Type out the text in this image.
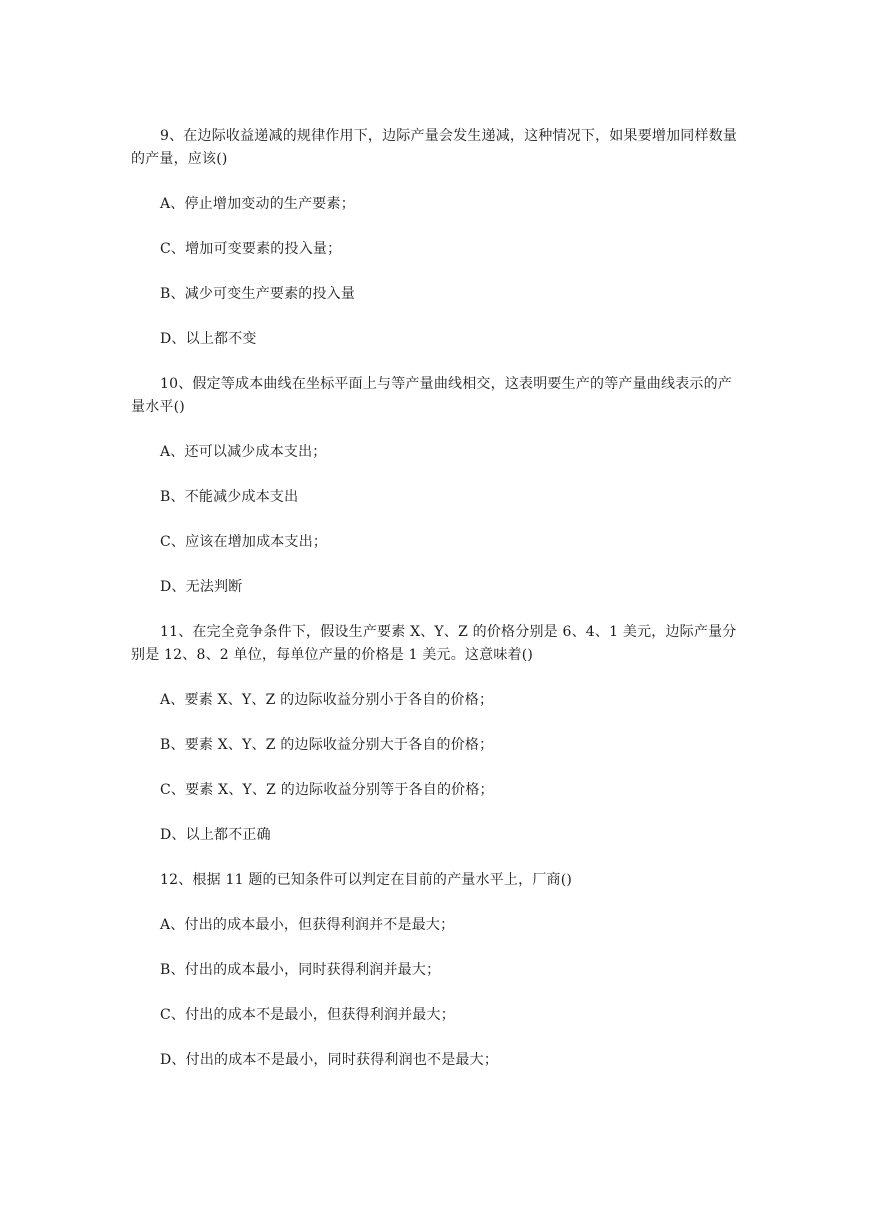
9、在边际收益递减的规律作用下，边际产量会发生递减，这种情况下，如果要增加同样数量的产量，应该()

A、停止增加变动的生产要素；

C、增加可变要素的投入量；

B、减少可变生产要素的投入量

D、以上都不变

10、假定等成本曲线在坐标平面上与等产量曲线相交，这表明要生产的等产量曲线表示的产量水平()

A、还可以减少成本支出；

B、不能减少成本支出

C、应该在增加成本支出；

D、无法判断

11、在完全竞争条件下，假设生产要素 X、Y、Z 的价格分别是 6、4、1 美元，边际产量分别是 12、8、2 单位，每单位产量的价格是 1 美元。这意味着()

A、要素 X、Y、Z 的边际收益分别小于各自的价格；

B、要素 X、Y、Z 的边际收益分别大于各自的价格；

C、要素 X、Y、Z 的边际收益分别等于各自的价格；

D、以上都不正确

12、根据 11 题的已知条件可以判定在目前的产量水平上，厂商()

A、付出的成本最小，但获得利润并不是最大；

B、付出的成本最小，同时获得利润并最大；

C、付出的成本不是最小，但获得利润并最大；

D、付出的成本不是最小，同时获得利润也不是最大；
